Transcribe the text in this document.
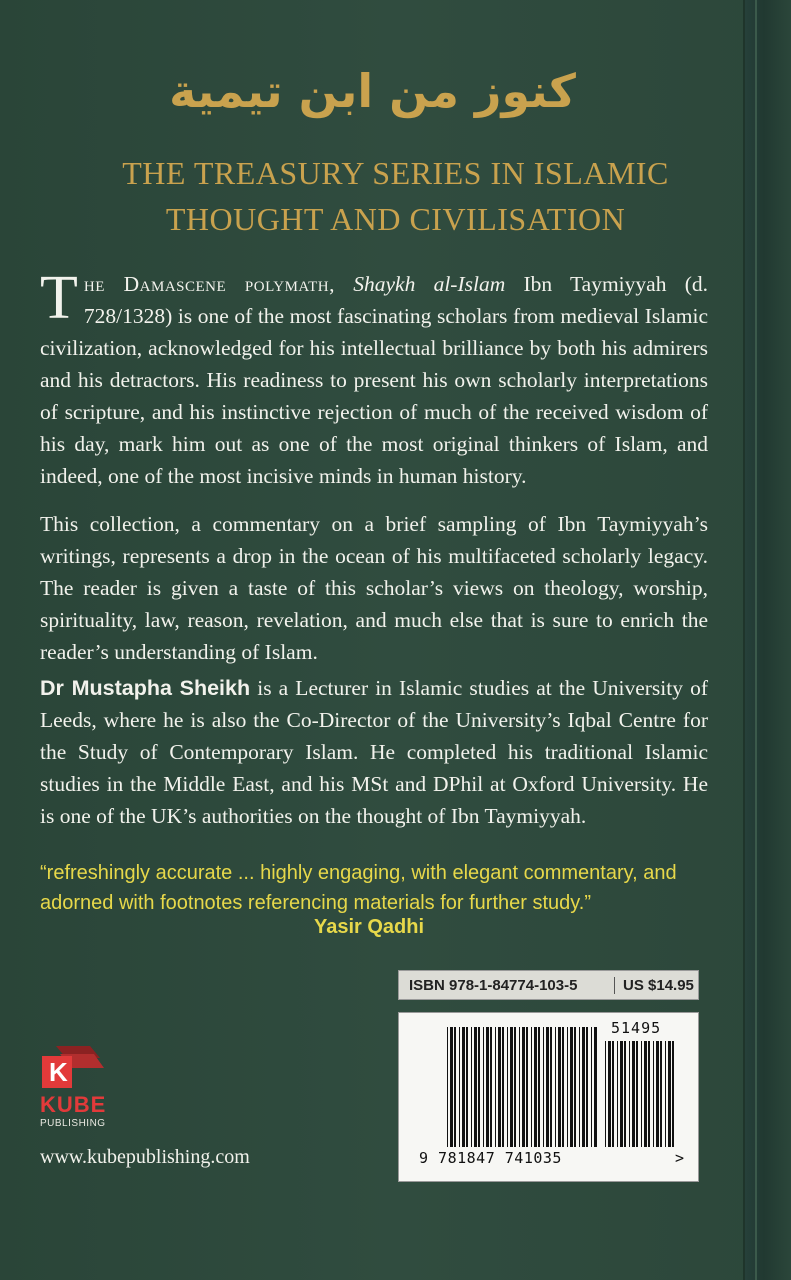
كنوز من ابن تيمية
THE TREASURY SERIES IN ISLAMIC
THOUGHT AND CIVILISATION
The Damascene polymath, Shaykh al-Islam Ibn Taymiyyah (d. 728/1328) is one of the most fascinating scholars from medieval Islamic civilization, acknowledged for his intellectual brilliance by both his admirers and his detractors. His readiness to present his own scholarly interpretations of scripture, and his instinctive rejection of much of the received wisdom of his day, mark him out as one of the most original thinkers of Islam, and indeed, one of the most incisive minds in human history.
This collection, a commentary on a brief sampling of Ibn Taymiyyah’s writings, represents a drop in the ocean of his multifaceted scholarly legacy. The reader is given a taste of this scholar’s views on theology, worship, spirituality, law, reason, revelation, and much else that is sure to enrich the reader’s understanding of Islam.
Dr Mustapha Sheikh is a Lecturer in Islamic studies at the University of Leeds, where he is also the Co-Director of the University’s Iqbal Centre for the Study of Contemporary Islam. He completed his traditional Islamic studies in the Middle East, and his MSt and DPhil at Oxford University. He is one of the UK’s authorities on the thought of Ibn Taymiyyah.
“refreshingly accurate ... highly engaging, with elegant commentary, and adorned with footnotes referencing materials for further study.”
Yasir Qadhi
ISBN 978-1-84774-103-5	US $14.95
51495
9 781847 741035	>
K
KUBE
PUBLISHING
www.kubepublishing.com
